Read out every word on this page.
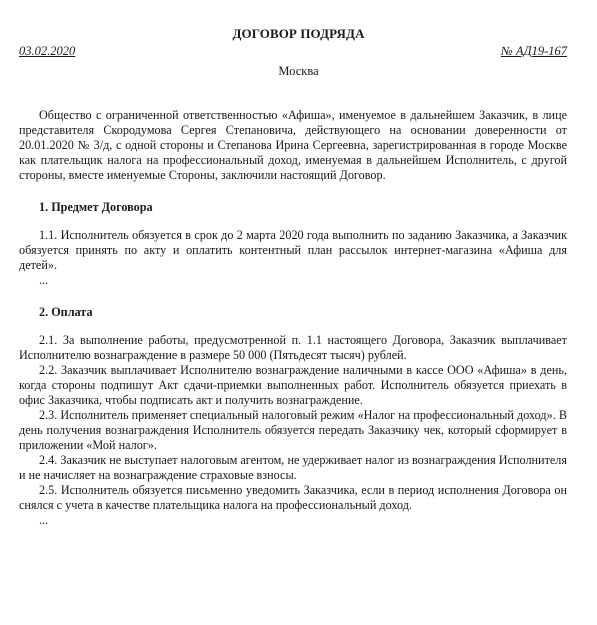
ДОГОВОР ПОДРЯДА
03.02.2020	№ АД19-167
Москва

Общество с ограниченной ответственностью «Афиша», именуемое в дальнейшем Заказчик, в лице представителя Скородумова Сергея Степановича, действующего на основании доверенности от 20.01.2020 № 3/д, с одной стороны и Степанова Ирина Сергеевна, зарегистрированная в городе Москве как плательщик налога на профессиональный доход, именуемая в дальнейшем Исполнитель, с другой стороны, вместе именуемые Стороны, заключили настоящий Договор.

1. Предмет Договора

1.1. Исполнитель обязуется в срок до 2 марта 2020 года выполнить по заданию Заказчика, а Заказчик обязуется принять по акту и оплатить контентный план рассылок интернет-магазина «Афиша для детей».

...
2. Оплата

2.1. За выполнение работы, предусмотренной п. 1.1 настоящего Договора, Заказчик выплачивает Исполнителю вознаграждение в размере 50 000 (Пятьдесят тысяч) рублей.

2.2. Заказчик выплачивает Исполнителю вознаграждение наличными в кассе ООО «Афиша» в день, когда стороны подпишут Акт сдачи-приемки выполненных работ. Исполнитель обязуется приехать в офис Заказчика, чтобы подписать акт и получить вознаграждение.

2.3. Исполнитель применяет специальный налоговый режим «Налог на профессиональный доход». В день получения вознаграждения Исполнитель обязуется передать Заказчику чек, который сформирует в приложении «Мой налог».

2.4. Заказчик не выступает налоговым агентом, не удерживает налог из вознаграждения Исполнителя и не начисляет на вознаграждение страховые взносы.

2.5. Исполнитель обязуется письменно уведомить Заказчика, если в период исполнения Договора он снялся с учета в качестве плательщика налога на профессиональный доход.

...
